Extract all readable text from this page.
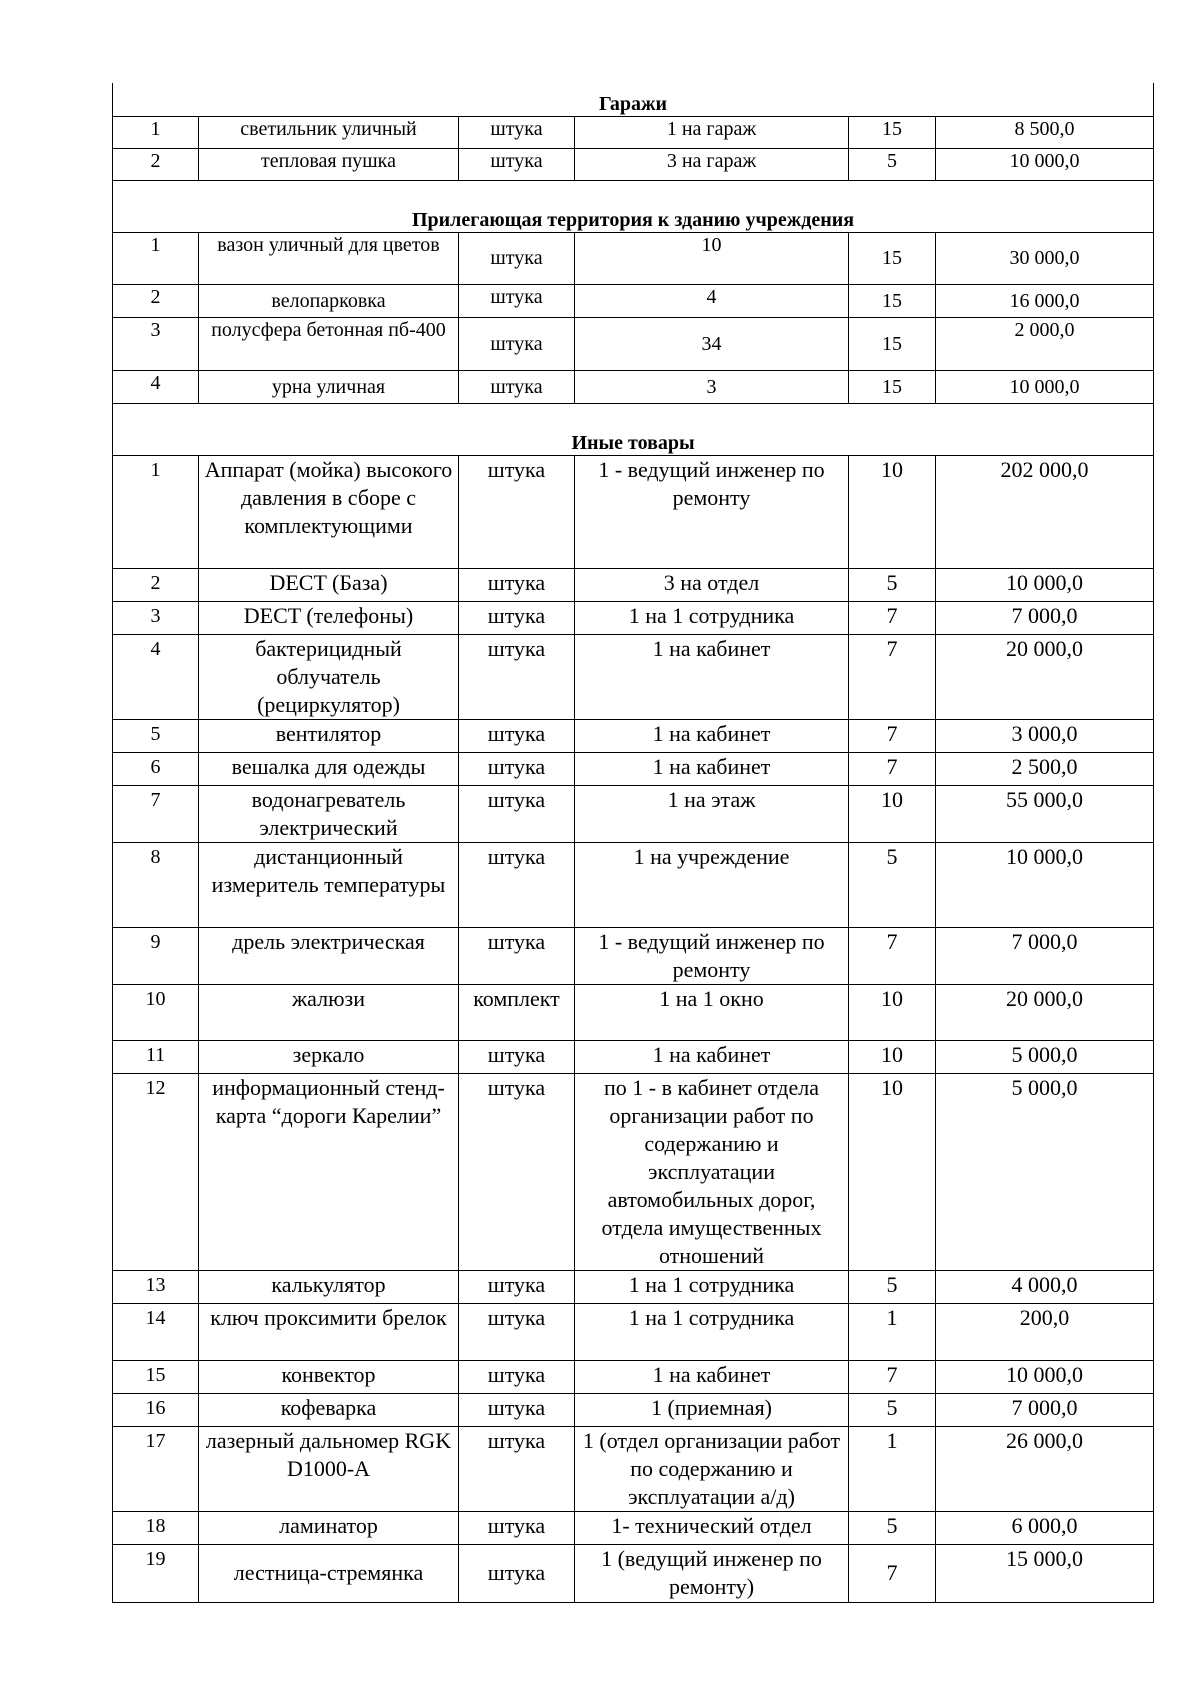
Гаражи					
1	светильник уличный	штука	1 на гараж	15	8 500,0
2	тепловая пушка	штука	3 на гараж	5	10 000,0
Прилегающая территория к зданию учреждения					
1	вазон уличный для цветов	штука	10	15	30 000,0
2	велопарковка	штука	4	15	16 000,0
3	полусфера бетонная пб-400	штука	34	15	2 000,0
4	урна уличная	штука	3	15	10 000,0
Иные товары					
1	Аппарат (мойка) высокого давления в сборе с комплектующими	штука	1 - ведущий инженер по ремонту	10	202 000,0
2	DECT (База)	штука	3 на отдел	5	10 000,0
3	DECT (телефоны)	штука	1 на 1 сотрудника	7	7 000,0
4	бактерицидный облучатель (рециркулятор)	штука	1 на кабинет	7	20 000,0
5	вентилятор	штука	1 на кабинет	7	3 000,0
6	вешалка для одежды	штука	1 на кабинет	7	2 500,0
7	водонагреватель электрический	штука	1 на этаж	10	55 000,0
8	дистанционный измеритель температуры	штука	1 на учреждение	5	10 000,0
9	дрель электрическая	штука	1 - ведущий инженер по ремонту	7	7 000,0
10	жалюзи	комплект	1 на 1 окно	10	20 000,0
11	зеркало	штука	1 на кабинет	10	5 000,0
12	информационный стенд- карта “дороги Карелии”	штука	по 1 - в кабинет отдела организации работ по содержанию и эксплуатации автомобильных дорог, отдела имущественных отношений	10	5 000,0
13	калькулятор	штука	1 на 1 сотрудника	5	4 000,0
14	ключ проксимити брелок	штука	1 на 1 сотрудника	1	200,0
15	конвектор	штука	1 на кабинет	7	10 000,0
16	кофеварка	штука	1 (приемная)	5	7 000,0
17	лазерный дальномер RGK D1000-A	штука	1 (отдел организации работ по содержанию и эксплуатации а/д)	1	26 000,0
18	ламинатор	штука	1- технический отдел	5	6 000,0
19	лестница-стремянка	штука	1 (ведущий инженер по ремонту)	7	15 000,0
